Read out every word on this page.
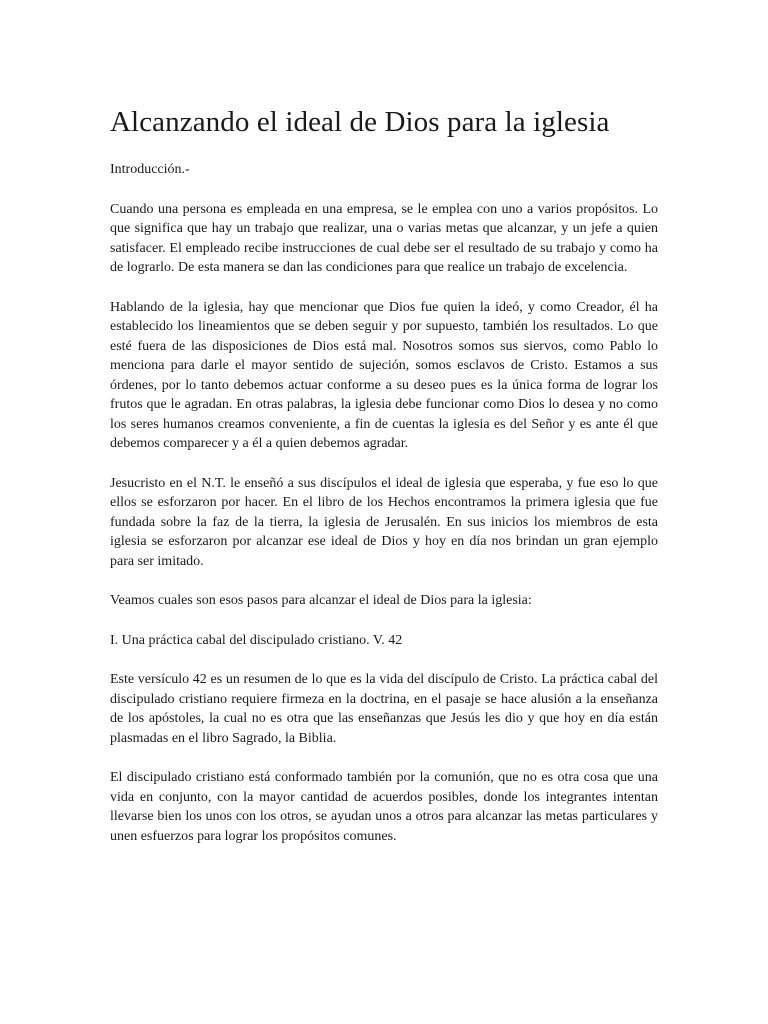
Alcanzando el ideal de Dios para la iglesia

Introducción.-

Cuando una persona es empleada en una empresa, se le emplea con uno a varios propósitos. Lo que significa que hay un trabajo que realizar, una o varias metas que alcanzar, y un jefe a quien satisfacer. El empleado recibe instrucciones de cual debe ser el resultado de su trabajo y como ha de lograrlo. De esta manera se dan las condiciones para que realice un trabajo de excelencia.

Hablando de la iglesia, hay que mencionar que Dios fue quien la ideó, y como Creador, él ha establecido los lineamientos que se deben seguir y por supuesto, también los resultados. Lo que esté fuera de las disposiciones de Dios está mal. Nosotros somos sus siervos, como Pablo lo menciona para darle el mayor sentido de sujeción, somos esclavos de Cristo. Estamos a sus órdenes, por lo tanto debemos actuar conforme a su deseo pues es la única forma de lograr los frutos que le agradan. En otras palabras, la iglesia debe funcionar como Dios lo desea y no como los seres humanos creamos conveniente, a fin de cuentas la iglesia es del Señor y es ante él que debemos comparecer y a él a quien debemos agradar.

Jesucristo en el N.T. le enseñó a sus discípulos el ideal de iglesia que esperaba, y fue eso lo que ellos se esforzaron por hacer. En el libro de los Hechos encontramos la primera iglesia que fue fundada sobre la faz de la tierra, la iglesia de Jerusalén. En sus inicios los miembros de esta iglesia se esforzaron por alcanzar ese ideal de Dios y hoy en día nos brindan un gran ejemplo para ser imitado.

Veamos cuales son esos pasos para alcanzar el ideal de Dios para la iglesia:

I. Una práctica cabal del discipulado cristiano. V. 42

Este versículo 42 es un resumen de lo que es la vida del discípulo de Cristo. La práctica cabal del discipulado cristiano requiere firmeza en la doctrina, en el pasaje se hace alusión a la enseñanza de los apóstoles, la cual no es otra que las enseñanzas que Jesús les dio y que hoy en día están plasmadas en el libro Sagrado, la Biblia.

El discipulado cristiano está conformado también por la comunión, que no es otra cosa que una vida en conjunto, con la mayor cantidad de acuerdos posibles, donde los integrantes intentan llevarse bien los unos con los otros, se ayudan unos a otros para alcanzar las metas particulares y unen esfuerzos para lograr los propósitos comunes.
